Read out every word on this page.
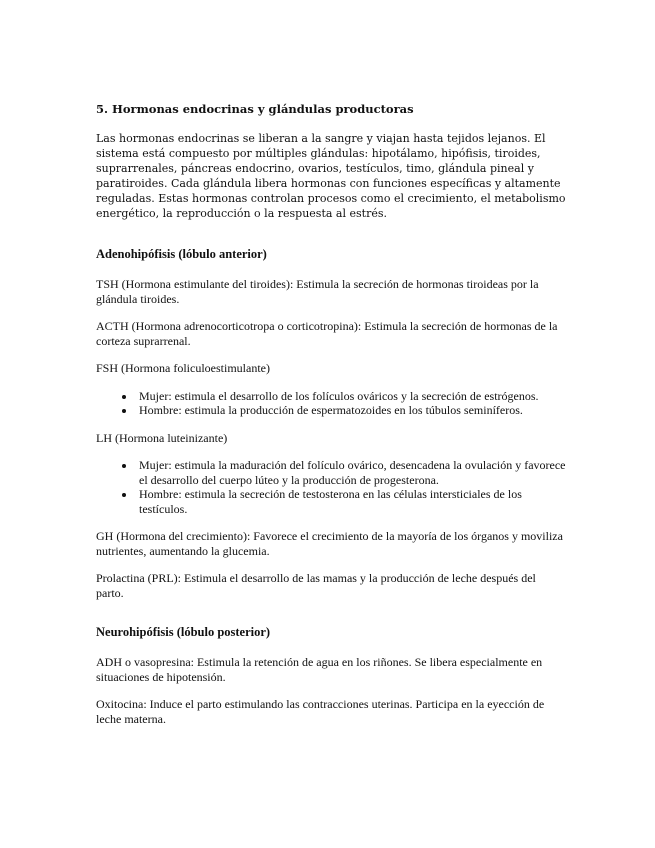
5. Hormonas endocrinas y glándulas productoras

Las hormonas endocrinas se liberan a la sangre y viajan hasta tejidos lejanos. El sistema está compuesto por múltiples glándulas: hipotálamo, hipófisis, tiroides, suprarrenales, páncreas endocrino, ovarios, testículos, timo, glándula pineal y paratiroides. Cada glándula libera hormonas con funciones específicas y altamente reguladas. Estas hormonas controlan procesos como el crecimiento, el metabolismo energético, la reproducción o la respuesta al estrés.

Adenohipófisis (lóbulo anterior)

TSH (Hormona estimulante del tiroides): Estimula la secreción de hormonas tiroideas por la glándula tiroides.

ACTH (Hormona adrenocorticotropa o corticotropina): Estimula la secreción de hormonas de la corteza suprarrenal.

FSH (Hormona foliculoestimulante)

• Mujer: estimula el desarrollo de los folículos ováricos y la secreción de estrógenos.
• Hombre: estimula la producción de espermatozoides en los túbulos seminíferos.

LH (Hormona luteinizante)

• Mujer: estimula la maduración del folículo ovárico, desencadena la ovulación y favorece el desarrollo del cuerpo lúteo y la producción de progesterona.
• Hombre: estimula la secreción de testosterona en las células intersticiales de los testículos.

GH (Hormona del crecimiento): Favorece el crecimiento de la mayoría de los órganos y moviliza nutrientes, aumentando la glucemia.

Prolactina (PRL): Estimula el desarrollo de las mamas y la producción de leche después del parto.

Neurohipófisis (lóbulo posterior)

ADH o vasopresina: Estimula la retención de agua en los riñones. Se libera especialmente en situaciones de hipotensión.

Oxitocina: Induce el parto estimulando las contracciones uterinas. Participa en la eyección de leche materna.
